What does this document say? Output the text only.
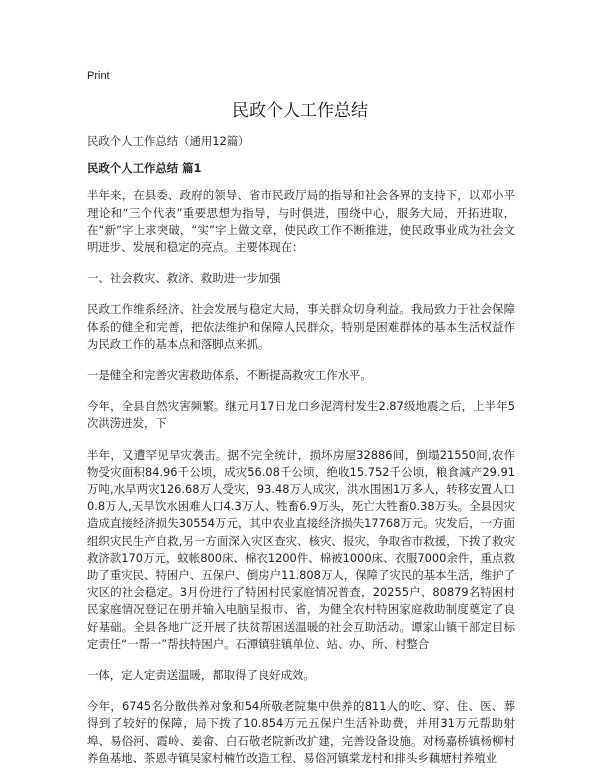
Print
民政个人工作总结

民政个人工作总结（通用12篇）

民政个人工作总结 篇1

半年来，在县委、政府的领导、省市民政厅局的指导和社会各界的支持下，以邓小平理论和“三个代表”重要思想为指导，与时俱进，围绕中心，服务大局，开拓进取，在“新”字上求突破，“实”字上做文章，使民政工作不断推进，使民政事业成为社会文明进步、发展和稳定的亮点。主要体现在：

一、社会救灾、救济、救助进一步加强

民政工作维系经济、社会发展与稳定大局，事关群众切身利益。我局致力于社会保障体系的健全和完善，把依法维护和保障人民群众，特别是困难群体的基本生活权益作为民政工作的基本点和落脚点来抓。

一是健全和完善灾害救助体系，不断提高救灾工作水平。

今年，全县自然灾害频繁。继元月17日龙口乡泥湾村发生2.87级地震之后，上半年5次洪涝迸发，下

半年，又遭罕见旱灾袭击。据不完全统计，损坏房屋32886间，倒塌21550间,农作物受灾面积84.96千公顷，成灾56.08千公顷，绝收15.752千公顷，粮食减产29.91万吨,水旱两灾126.68万人受灾，93.48万人成灾，洪水围困1万多人，转移安置人口0.8万人,天旱饮水困难人口4.3万人、牲畜6.9万头，死亡大牲畜0.38万头。全县因灾造成直接经济损失30554万元，其中农业直接经济损失17768万元。灾发后，一方面组织灾民生产自救,另一方面深入灾区查灾、核灾、报灾，争取省市救援，下拨了救灾救济款170万元，蚊帐800床、棉衣1200件、棉被1000床、衣服7000余件，重点救助了重灾民、特困户、五保户、倒房户11.808万人，保障了灾民的基本生活，维护了灾区的社会稳定。3月份进行了特困村民家庭情况普查，20255户、80879名特困村民家庭情况登记在册并输入电脑呈报市、省，为健全农村特困家庭救助制度奠定了良好基础。全县各地广泛开展了扶贫帮困送温暖的社会互助活动。谭家山镇干部定目标定责任“一帮一”帮扶特困户。石潭镇驻镇单位、站、办、所、村整合

一体，定人定责送温暖，都取得了良好成效。

今年，6745名分散供养对象和54所敬老院集中供养的811人的吃、穿、住、医、葬得到了较好的保障，局下拨了10.854万元五保户生活补助费，并用31万元帮助射埠、易俗河、霞岭、姜畲、白石敬老院新改扩建，完善设备设施。对杨嘉桥镇杨柳村养鱼基地、茶恩寺镇吴家村楠竹改造工程、易俗河镇棠龙村和排头乡藕塘村养殖业
